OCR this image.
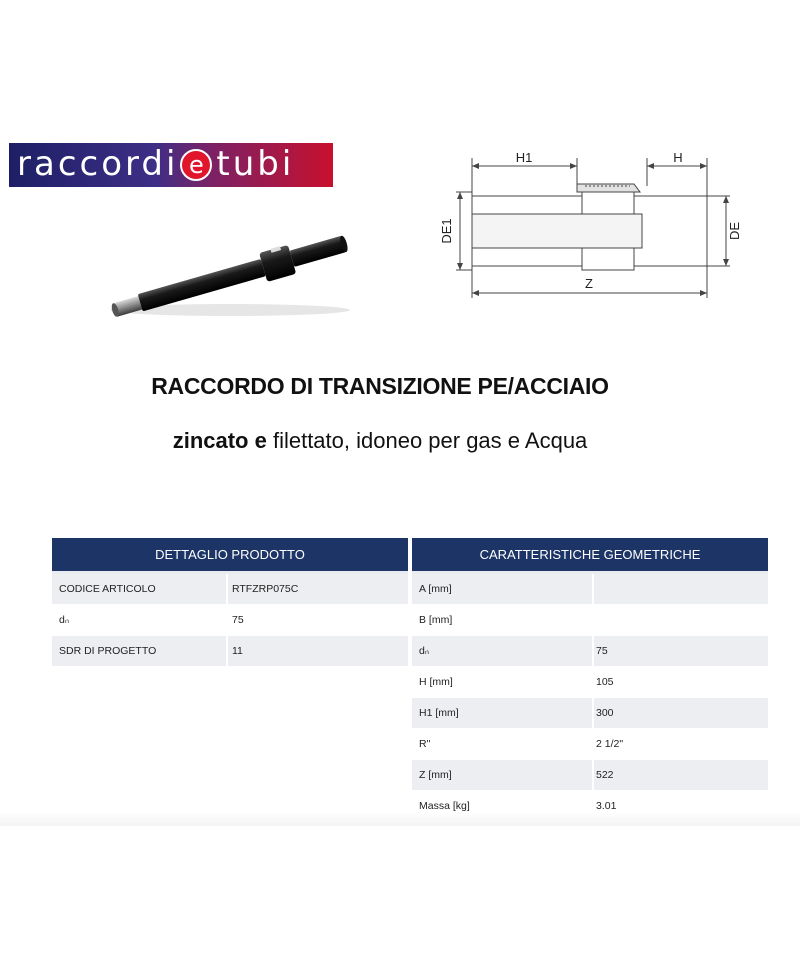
raccordi e tubi	H1	H
Z
DE1	DE
RACCORDO DI TRANSIZIONE PE/ACCIAIO
zincato e filettato, idoneo per gas e Acqua
DETTAGLIO PRODOTTO
CODICE ARTICOLO	RTFZRP075C
dₙ	75
SDR DI PROGETTO	11
CARATTERISTICHE GEOMETRICHE
A [mm]
B [mm]
dₙ	75
H [mm]	105
H1 [mm]	300
R"	2 1/2"
Z [mm]	522
Massa [kg]	3.01
